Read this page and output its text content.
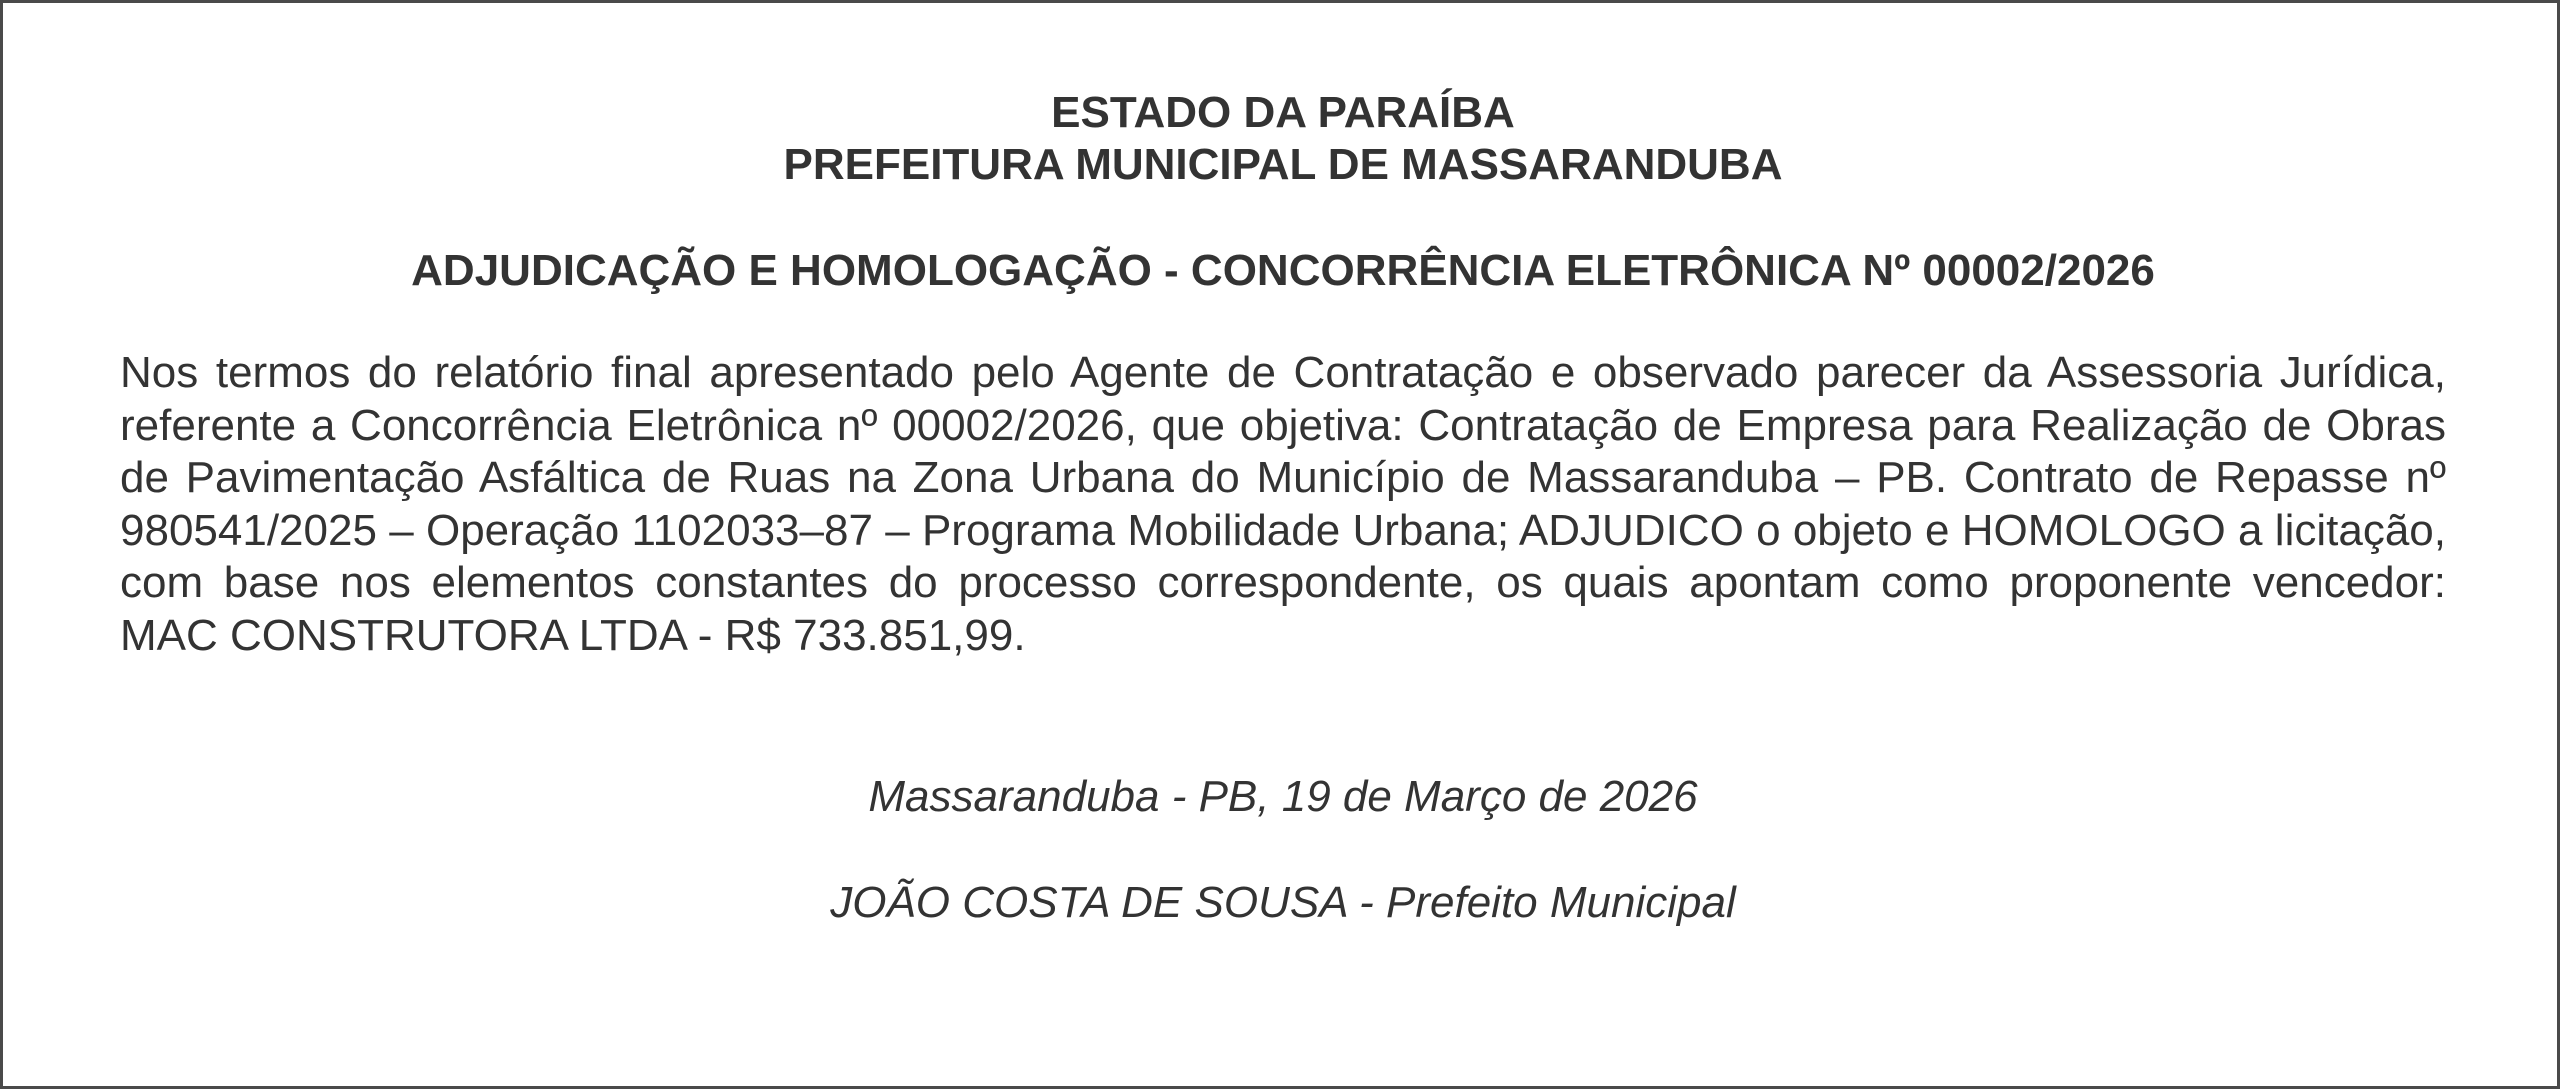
ESTADO DA PARAÍBA
PREFEITURA MUNICIPAL DE MASSARANDUBA
ADJUDICAÇÃO E HOMOLOGAÇÃO - CONCORRÊNCIA ELETRÔNICA Nº 00002/2026

Nos termos do relatório final apresentado pelo Agente de Contratação e observado parecer da Assessoria Jurídica, referente a Concorrência Eletrônica nº 00002/2026, que objetiva: Contratação de Empresa para Realização de Obras de Pavimentação Asfáltica de Ruas na Zona Urbana do Município de Massaranduba – PB. Contrato de Repasse nº 980541/2025 – Operação 1102033–87 – Programa Mobilidade Urbana; ADJUDICO o objeto e HOMOLOGO a licitação, com base nos elementos constantes do processo correspondente, os quais apontam como proponente vencedor: MAC CONSTRUTORA LTDA - R$ 733.851,99.

Massaranduba - PB, 19 de Março de 2026
JOÃO COSTA DE SOUSA - Prefeito Municipal
